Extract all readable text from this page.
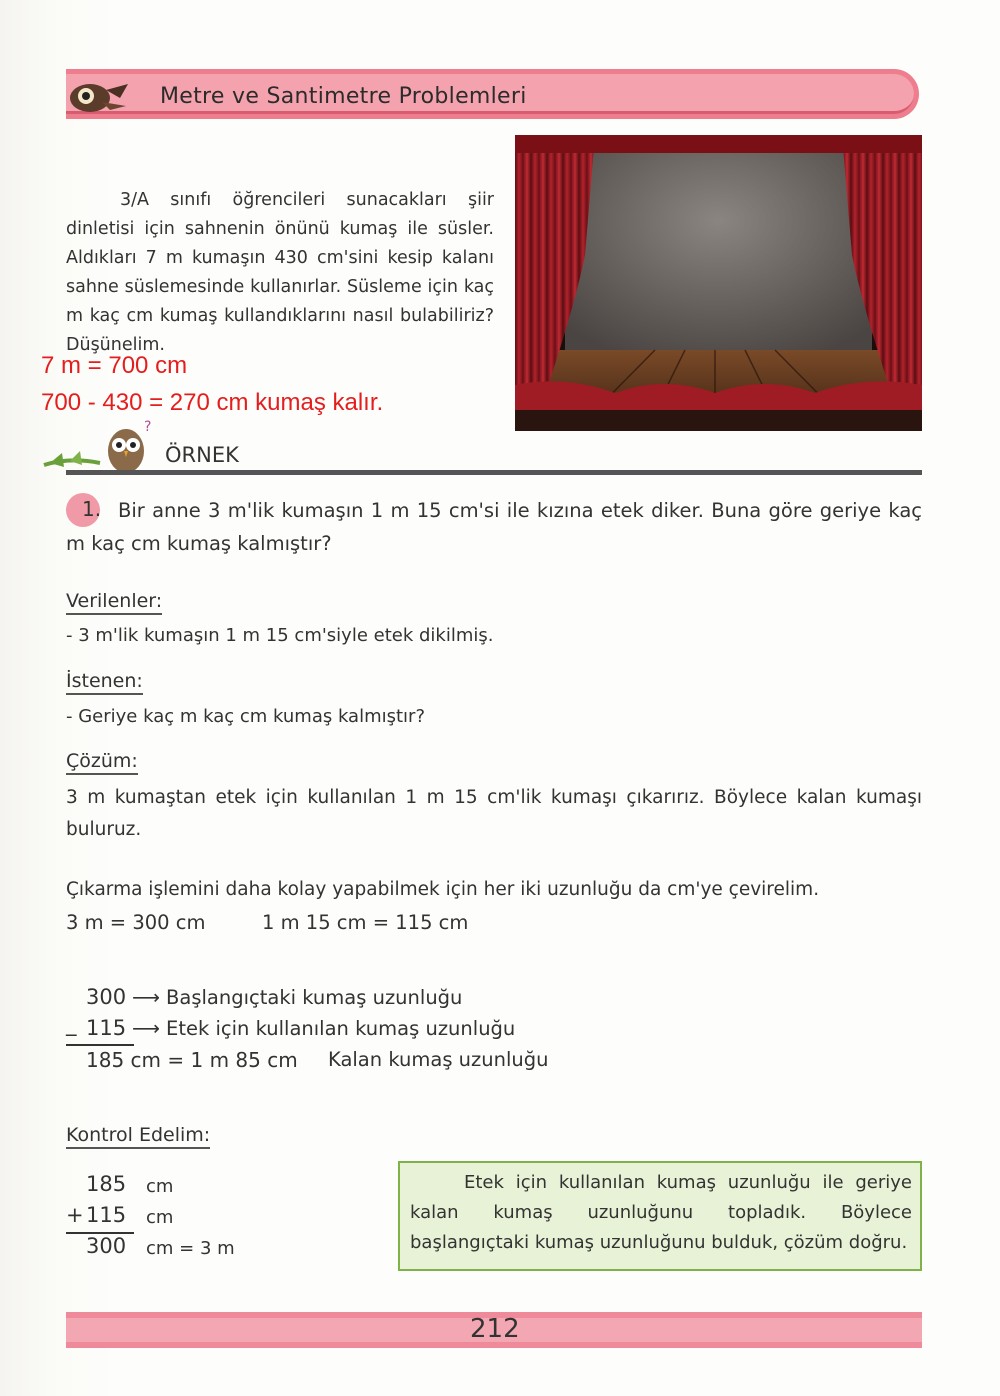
Metre ve Santimetre Problemleri

3/A sınıfı öğrencileri sunacakları şiir dinletisi için sahnenin önünü kumaş ile süsler. Aldıkları 7 m kumaşın 430 cm'sini kesip kalanı sahne süslemesinde kullanırlar. Süsleme için kaç m kaç cm kumaş kullandıklarını nasıl bulabiliriz? Düşünelim.

7 m = 700 cm
700 - 430 = 270 cm kumaş kalır.
?
ÖRNEK
1. Bir anne 3 m'lik kumaşın 1 m 15 cm'si ile kızına etek diker. Buna göre geriye kaç m kaç cm kumaş kalmıştır?

Verilenler:
- 3 m'lik kumaşın 1 m 15 cm'siyle etek dikilmiş.
İstenen:
- Geriye kaç m kaç cm kumaş kalmıştır?
Çözüm:

3 m kumaştan etek için kullanılan 1 m 15 cm'lik kumaşı çıkarırız. Böylece kalan kumaşı buluruz.

Çıkarma işlemini daha kolay yapabilmek için her iki uzunluğu da cm'ye çevirelim.
3 m = 300 cm	1 m 15 cm = 115 cm
300 ⟶ Başlangıçtaki kumaş uzunluğu
_ 115 ⟶ Etek için kullanılan kumaş uzunluğu
185 cm = 1 m 85 cm Kalan kumaş uzunluğu
Kontrol Edelim:
185 cm
+ 115 cm
300 cm = 3 m

Etek için kullanılan kumaş uzunluğu ile geriye kalan kumaş uzunluğunu topladık. Böylece başlangıçtaki kumaş uzunluğunu bulduk, çözüm doğru.

212
